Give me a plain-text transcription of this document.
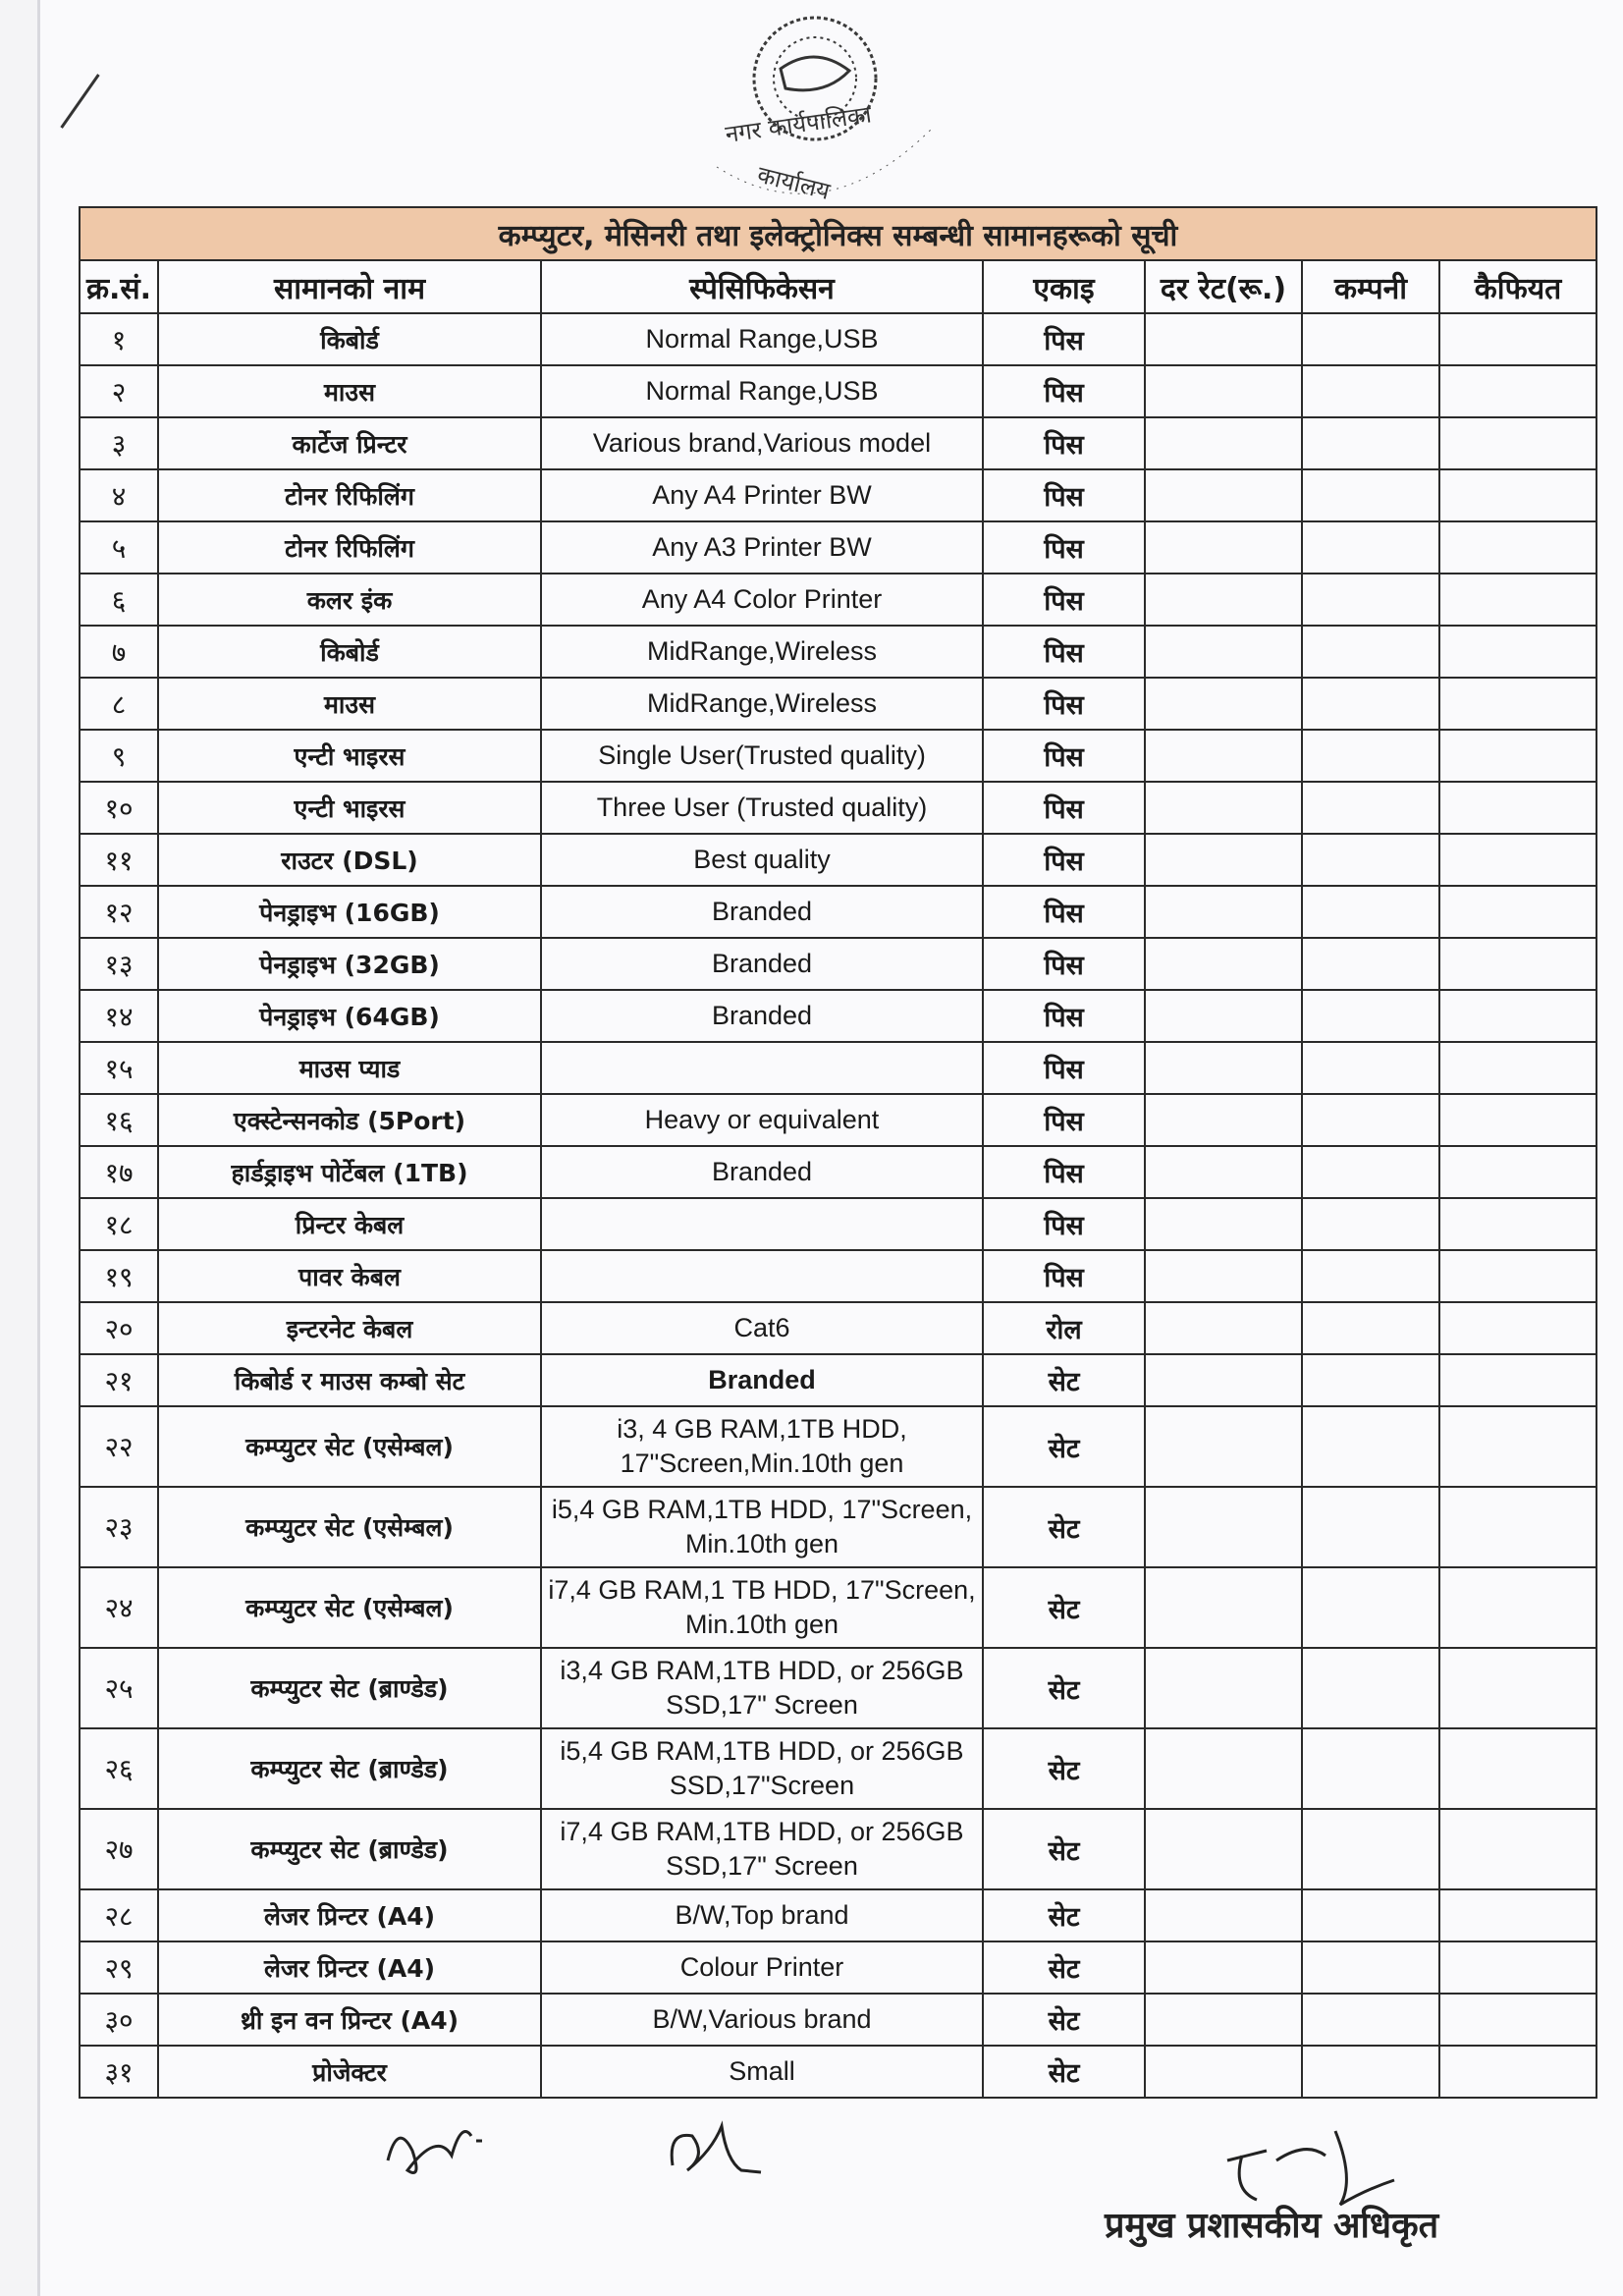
नगर कार्यपालिका
कार्यालय
कम्प्युटर, मेसिनरी तथा इलेक्ट्रोनिक्स सम्बन्धी सामानहरूको सूची						
क्र.सं.	सामानको नाम	स्पेसिफिकेसन	एकाइ	दर रेट(रू.)	कम्पनी	कैफियत
१	किबोर्ड	Normal Range,USB	पिस			
२	माउस	Normal Range,USB	पिस			
३	कार्टेज प्रिन्टर	Various brand,Various model	पिस			
४	टोनर रिफिलिंग	Any A4 Printer BW	पिस			
५	टोनर रिफिलिंग	Any A3 Printer BW	पिस			
६	कलर इंक	Any A4 Color Printer	पिस			
७	किबोर्ड	MidRange,Wireless	पिस			
८	माउस	MidRange,Wireless	पिस			
९	एन्टी भाइरस	Single User(Trusted quality)	पिस			
१०	एन्टी भाइरस	Three User (Trusted quality)	पिस			
११	राउटर (DSL)	Best quality	पिस			
१२	पेनड्राइभ (16GB)	Branded	पिस			
१३	पेनड्राइभ (32GB)	Branded	पिस			
१४	पेनड्राइभ (64GB)	Branded	पिस			
१५	माउस प्याड		पिस			
१६	एक्स्टेन्सनकोड (5Port)	Heavy or equivalent	पिस			
१७	हार्डड्राइभ पोर्टेबल (1TB)	Branded	पिस			
१८	प्रिन्टर केबल		पिस			
१९	पावर केबल		पिस			
२०	इन्टरनेट केबल	Cat6	रोल			
२१	किबोर्ड र माउस कम्बो सेट	Branded	सेट			
२२	कम्प्युटर सेट (एसेम्बल)	i3, 4 GB RAM,1TB HDD, 17"Screen,Min.10th gen	सेट			
२३	कम्प्युटर सेट (एसेम्बल)	i5,4 GB RAM,1TB HDD, 17"Screen, Min.10th gen	सेट			
२४	कम्प्युटर सेट (एसेम्बल)	i7,4 GB RAM,1 TB HDD, 17"Screen, Min.10th gen	सेट			
२५	कम्प्युटर सेट (ब्राण्डेड)	i3,4 GB RAM,1TB HDD, or 256GB SSD,17" Screen	सेट			
२६	कम्प्युटर सेट (ब्राण्डेड)	i5,4 GB RAM,1TB HDD, or 256GB SSD,17"Screen	सेट			
२७	कम्प्युटर सेट (ब्राण्डेड)	i7,4 GB RAM,1TB HDD, or 256GB SSD,17" Screen	सेट			
२८	लेजर प्रिन्टर (A4)	B/W,Top brand	सेट			
२९	लेजर प्रिन्टर (A4)	Colour Printer	सेट			
३०	थ्री इन वन प्रिन्टर (A4)	B/W,Various brand	सेट			
३१	प्रोजेक्टर	Small	सेट			
प्रमुख प्रशासकीय अधिकृत
